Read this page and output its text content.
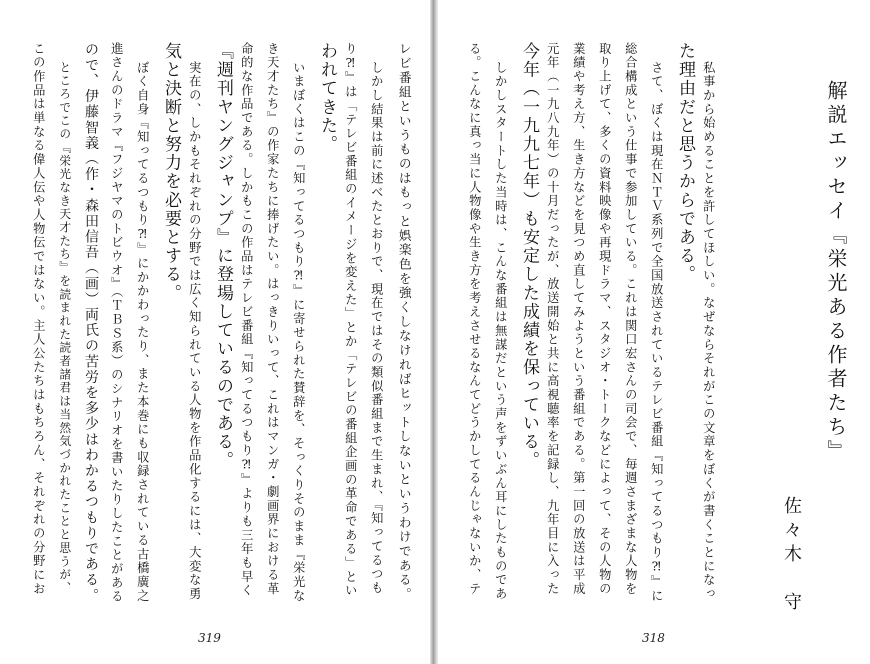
レビ番組というものはもっと娯楽色を強くしなければヒットしないというわけである。
しかし結果は前に述べたとおりで、現在ではその類似番組まで生まれ、『知ってるつも
り⁈』は「テレビ番組のイメージを変えた」とか「テレビの番組企画の革命である」とい
われてきた。
いまぼくはこの『知ってるつもり⁈』に寄せられた賛辞を、そっくりそのまま『栄光な
き天才たち』の作家たちに捧げたい。はっきりいって、これはマンガ・劇画界における革
命的な作品である。しかもこの作品はテレビ番組『知ってるつもり⁈』よりも三年も早く
『週刊ヤングジャンプ』に登場しているのである。
実在の、しかもそれぞれの分野では広く知られている人物を作品化するには、大変な勇
気と決断と努力を必要とする。
ぼく自身『知ってるつもり⁈』にかかわったり、また本巻にも収録されている古橋廣之
進さんのドラマ『フジヤマのトビウオ』（ＴＢＳ系）のシナリオを書いたりしたことがある
ので、伊藤智義（作・森田信吾（画）両氏の苦労を多少はわかるつもりである。
ところでこの『栄光なき天才たち』を読まれた読者諸君は当然気づかれたことと思うが、
この作品は単なる偉人伝や人物伝ではない。主人公たちはもちろん、それぞれの分野にお
319
解説エッセイ『栄光ある作者たち』
佐々木　守
私事から始めることを許してほしい。なぜならそれがこの文章をぼくが書くことになっ
た理由だと思うからである。
さて、ぼくは現在ＮＴＶ系列で全国放送されているテレビ番組『知ってるつもり⁈』に
総合構成という仕事で参加している。これは関口宏さんの司会で、毎週さまざまな人物を
取り上げて、多くの資料映像や再現ドラマ、スタジオ・トークなどによって、その人物の
業績や考え方、生き方などを見つめ直してみようという番組である。第一回の放送は平成
元年（一九八九年）の十月だったが、放送開始と共に高視聴率を記録し、九年目に入った
今年（一九九七年）も安定した成績を保っている。
しかしスタートした当時は、こんな番組は無謀だという声をずいぶん耳にしたものであ
る。こんなに真っ当に人物像や生き方を考えさせるなんてどうかしてるんじゃないか、テ
318
